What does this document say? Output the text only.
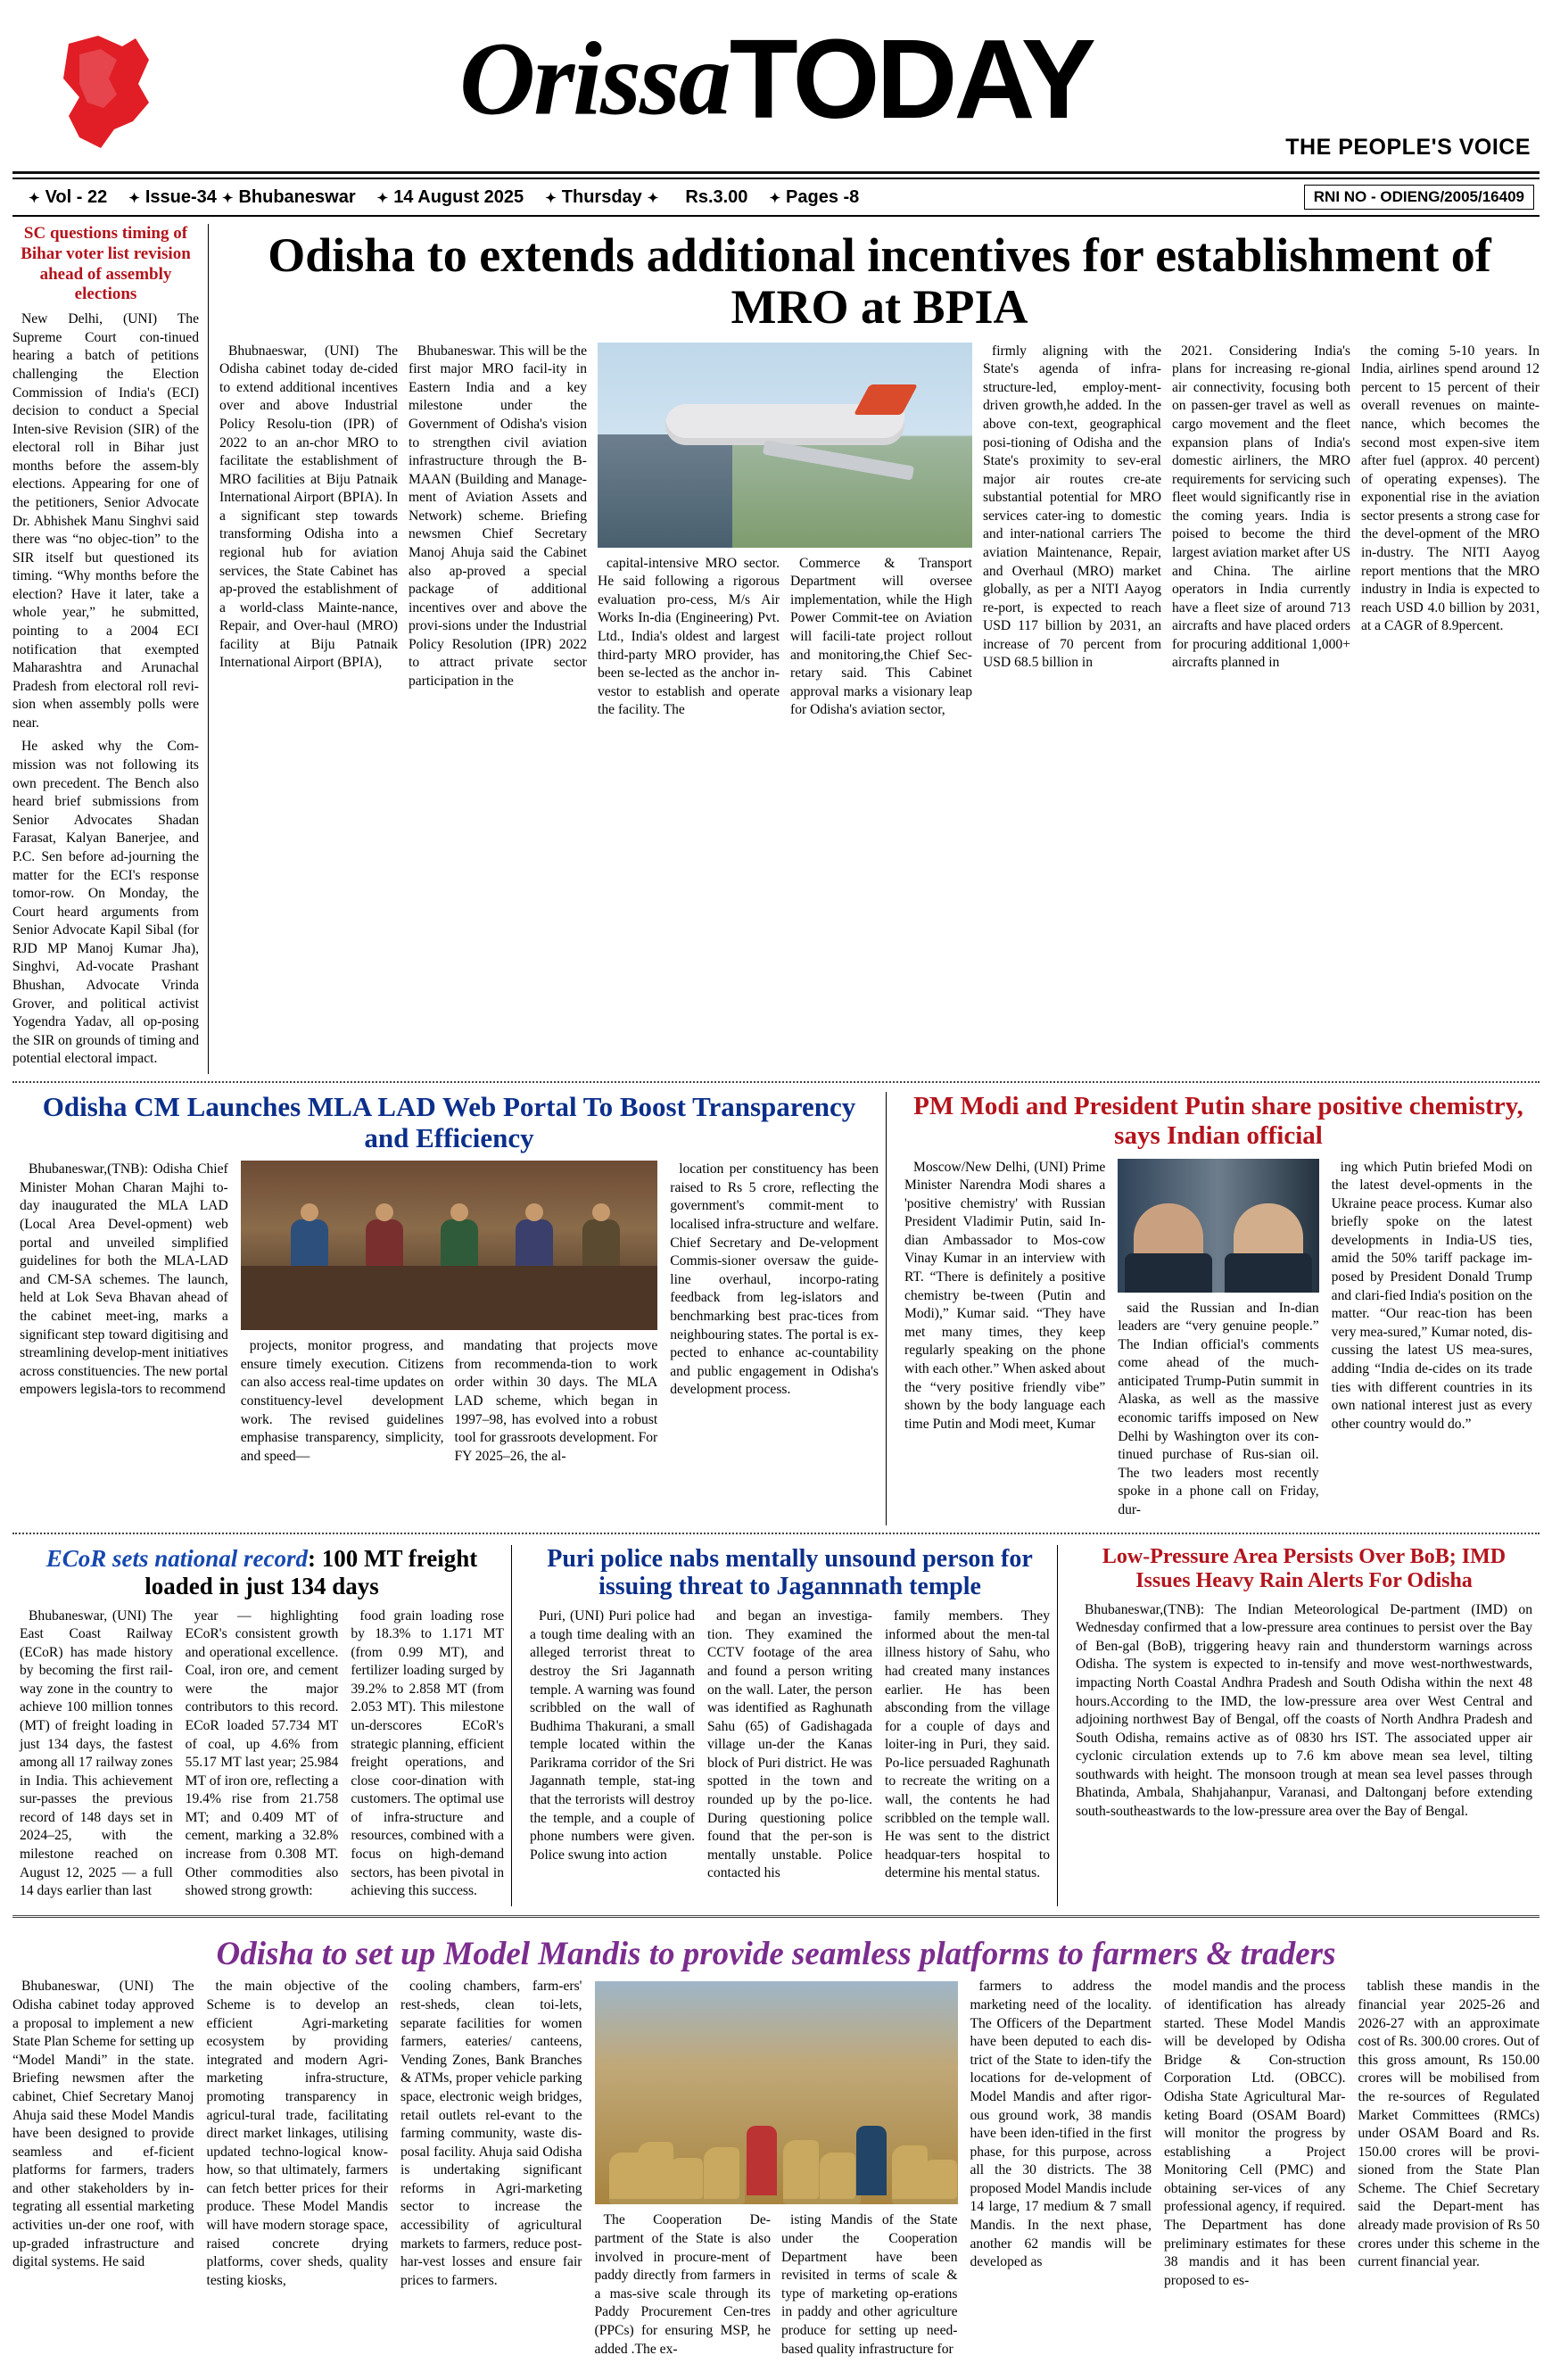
OrissaTODAY
THE PEOPLE'S VOICE
✦ Vol - 22	✦ Issue-34 ✦ Bhubaneswar	✦ 14 August 2025	✦ Thursday ✦	Rs.3.00	✦ Pages -8	RNI NO - ODIENG/2005/16409
SC questions timing of Bihar voter list revision ahead of assembly elections

New Delhi, (UNI) The Supreme Court con-tinued hearing a batch of petitions challenging the Election Commission of India's (ECI) decision to conduct a Special Inten-sive Revision (SIR) of the electoral roll in Bihar just months before the assem-bly elections. Appearing for one of the petitioners, Senior Advocate Dr. Abhishek Manu Singhvi said there was “no objec-tion” to the SIR itself but questioned its timing. “Why months before the election? Have it later, take a whole year,” he submitted, pointing to a 2004 ECI notification that exempted Maharashtra and Arunachal Pradesh from electoral roll revi-sion when assembly polls were near.

He asked why the Com-mission was not following its own precedent. The Bench also heard brief submissions from Senior Advocates Shadan Farasat, Kalyan Banerjee, and P.C. Sen before ad-journing the matter for the ECI's response tomor-row. On Monday, the Court heard arguments from Senior Advocate Kapil Sibal (for RJD MP Manoj Kumar Jha), Singhvi, Ad-vocate Prashant Bhushan, Advocate Vrinda Grover, and political activist Yogendra Yadav, all op-posing the SIR on grounds of timing and potential electoral impact.

Odisha to extends additional incentives for establishment of MRO at BPIA

Bhubnaeswar, (UNI) The Odisha cabinet today de-cided to extend additional incentives over and above Industrial Policy Resolu-tion (IPR) of 2022 to an an-chor MRO to facilitate the establishment of MRO facilities at Biju Patnaik International Airport (BPIA). In a significant step towards transforming Odisha into a regional hub for aviation services, the State Cabinet has ap-proved the establishment of a world-class Mainte-nance, Repair, and Over-haul (MRO) facility at Biju Patnaik International Airport (BPIA),

Bhubaneswar. This will be the first major MRO facil-ity in Eastern India and a key milestone under the Government of Odisha's vision to strengthen civil aviation infrastructure through the B-MAAN (Building and Manage-ment of Aviation Assets and Network) scheme. Briefing newsmen Chief Secretary Manoj Ahuja said the Cabinet also ap-proved a special package of additional incentives over and above the provi-sions under the Industrial Policy Resolution (IPR) 2022 to attract private sector participation in the

capital-intensive MRO sector. He said following a rigorous evaluation pro-cess, M/s Air Works In-dia (Engineering) Pvt. Ltd., India's oldest and largest third-party MRO provider, has been se-lected as the anchor in-vestor to establish and operate the facility. The

Commerce & Transport Department will oversee implementation, while the High Power Commit-tee on Aviation will facili-tate project rollout and monitoring,the Chief Sec-retary said. This Cabinet approval marks a visionary leap for Odisha's aviation sector,

firmly aligning with the State's agenda of infra-structure-led, employ-ment-driven growth,he added. In the above con-text, geographical posi-tioning of Odisha and the State's proximity to sev-eral major air routes cre-ate substantial potential for MRO services cater-ing to domestic and inter-national carriers The aviation Maintenance, Repair, and Overhaul (MRO) market globally, as per a NITI Aayog re-port, is expected to reach USD 117 billion by 2031, an increase of 70 percent from USD 68.5 billion in

2021. Considering India's plans for increasing re-gional air connectivity, focusing both on passen-ger travel as well as cargo movement and the fleet expansion plans of India's domestic airliners, the MRO requirements for servicing such fleet would significantly rise in the coming years. India is poised to become the third largest aviation market after US and China. The airline operators in India currently have a fleet size of around 713 aircrafts and have placed orders for procuring additional 1,000+ aircrafts planned in

the coming 5-10 years. In India, airlines spend around 12 percent to 15 percent of their overall revenues on mainte-nance, which becomes the second most expen-sive item after fuel (approx. 40 percent) of operating expenses). The exponential rise in the aviation sector presents a strong case for the devel-opment of the MRO in-dustry. The NITI Aayog report mentions that the MRO industry in India is expected to reach USD 4.0 billion by 2031, at a CAGR of 8.9percent.

Odisha CM Launches MLA LAD Web Portal To Boost Transparency and Efficiency

Bhubaneswar,(TNB): Odisha Chief Minister Mohan Charan Majhi to-day inaugurated the MLA LAD (Local Area Devel-opment) web portal and unveiled simplified guidelines for both the MLA-LAD and CM-SA schemes. The launch, held at Lok Seva Bhavan ahead of the cabinet meet-ing, marks a significant step toward digitising and streamlining develop-ment initiatives across constituencies. The new portal empowers legisla-tors to recommend

projects, monitor progress, and ensure timely execution. Citizens can also access real-time updates on constituency-level development work. The revised guidelines emphasise transparency, simplicity, and speed—

mandating that projects move from recommenda-tion to work order within 30 days. The MLA LAD scheme, which began in 1997–98, has evolved into a robust tool for grassroots development. For FY 2025–26, the al-

location per constituency has been raised to Rs 5 crore, reflecting the government's commit-ment to localised infra-structure and welfare. Chief Secretary and De-velopment Commis-sioner oversaw the guide-line overhaul, incorpo-rating feedback from leg-islators and benchmarking best prac-tices from neighbouring states. The portal is ex-pected to enhance ac-countability and public engagement in Odisha's development process.

PM Modi and President Putin share positive chemistry, says Indian official

Moscow/New Delhi, (UNI) Prime Minister Narendra Modi shares a 'positive chemistry' with Russian President Vladimir Putin, said In-dian Ambassador to Mos-cow Vinay Kumar in an interview with RT. “There is definitely a positive chemistry be-tween (Putin and Modi),” Kumar said. “They have met many times, they keep regularly speaking on the phone with each other.” When asked about the “very positive friendly vibe” shown by the body language each time Putin and Modi meet, Kumar

said the Russian and In-dian leaders are “very genuine people.” The Indian official's comments come ahead of the much-anticipated Trump-Putin summit in Alaska, as well as the massive economic tariffs imposed on New Delhi by Washington over its con-tinued purchase of Rus-sian oil. The two leaders most recently spoke in a phone call on Friday, dur-

ing which Putin briefed Modi on the latest devel-opments in the Ukraine peace process. Kumar also briefly spoke on the latest developments in India-US ties, amid the 50% tariff package im-posed by President Donald Trump and clari-fied India's position on the matter. “Our reac-tion has been very mea-sured,” Kumar noted, dis-cussing the latest US mea-sures, adding “India de-cides on its trade ties with different countries in its own national interest just as every other country would do.”

ECoR sets national record: 100 MT freight loaded in just 134 days

Bhubaneswar, (UNI) The East Coast Railway (ECoR) has made history by becoming the first rail-way zone in the country to achieve 100 million tonnes (MT) of freight loading in just 134 days, the fastest among all 17 railway zones in India. This achievement sur-passes the previous record of 148 days set in 2024–25, with the milestone reached on August 12, 2025 — a full 14 days earlier than last

year — highlighting ECoR's consistent growth and operational excellence. Coal, iron ore, and cement were the major contributors to this record. ECoR loaded 57.734 MT of coal, up 4.6% from 55.17 MT last year; 25.984 MT of iron ore, reflecting a 19.4% rise from 21.758 MT; and 0.409 MT of cement, marking a 32.8% increase from 0.308 MT. Other commodities also showed strong growth:

food grain loading rose by 18.3% to 1.171 MT (from 0.99 MT), and fertilizer loading surged by 39.2% to 2.858 MT (from 2.053 MT). This milestone un-derscores ECoR's strategic planning, efficient freight operations, and close coor-dination with customers. The optimal use of infra-structure and resources, combined with a focus on high-demand sectors, has been pivotal in achieving this success.

Puri police nabs mentally unsound person for issuing threat to Jagannnath temple

Puri, (UNI) Puri police had a tough time dealing with an alleged terrorist threat to destroy the Sri Jagannath temple. A warning was found scribbled on the wall of Budhima Thakurani, a small temple located within the Parikrama corridor of the Sri Jagannath temple, stat-ing that the terrorists will destroy the temple, and a couple of phone numbers were given. Police swung into action

and began an investiga-tion. They examined the CCTV footage of the area and found a person writing on the wall. Later, the person was identified as Raghunath Sahu (65) of Gadishagada village un-der the Kanas block of Puri district. He was spotted in the town and rounded up by the po-lice. During questioning police found that the per-son is mentally unstable. Police contacted his

family members. They informed about the men-tal illness history of Sahu, who had created many instances earlier. He has been absconding from the village for a couple of days and loiter-ing in Puri, they said. Po-lice persuaded Raghunath to recreate the writing on a wall, the contents he had scribbled on the temple wall. He was sent to the district headquar-ters hospital to determine his mental status.

Low-Pressure Area Persists Over BoB; IMD Issues Heavy Rain Alerts For Odisha

Bhubaneswar,(TNB): The Indian Meteorological De-partment (IMD) on Wednesday confirmed that a low-pressure area continues to persist over the Bay of Ben-gal (BoB), triggering heavy rain and thunderstorm warnings across Odisha. The system is expected to in-tensify and move west-northwestwards, impacting North Coastal Andhra Pradesh and South Odisha within the next 48 hours.According to the IMD, the low-pressure area over West Central and adjoining northwest Bay of Bengal, off the coasts of North Andhra Pradesh and South Odisha, remains active as of 0830 hrs IST. The associated upper air cyclonic circulation extends up to 7.6 km above mean sea level, tilting southwards with height. The monsoon trough at mean sea level passes through Bhatinda, Ambala, Shahjahanpur, Varanasi, and Daltonganj before extending south-southeastwards to the low-pressure area over the Bay of Bengal.

Odisha to set up Model Mandis to provide seamless platforms to farmers & traders

Bhubaneswar, (UNI) The Odisha cabinet today approved a proposal to implement a new State Plan Scheme for setting up “Model Mandi” in the state. Briefing newsmen after the cabinet, Chief Secretary Manoj Ahuja said these Model Mandis have been designed to provide seamless and ef-ficient platforms for farmers, traders and other stakeholders by in-tegrating all essential marketing activities un-der one roof, with up-graded infrastructure and digital systems. He said

the main objective of the Scheme is to develop an efficient Agri-marketing ecosystem by providing integrated and modern Agri-marketing infra-structure, promoting transparency in agricul-tural trade, facilitating direct market linkages, utilising updated techno-logical know-how, so that ultimately, farmers can fetch better prices for their produce. These Model Mandis will have modern storage space, raised concrete drying platforms, cover sheds, quality testing kiosks,

cooling chambers, farm-ers' rest-sheds, clean toi-lets, separate facilities for women farmers, eateries/ canteens, Vending Zones, Bank Branches & ATMs, proper vehicle parking space, electronic weigh bridges, retail outlets rel-evant to the farming community, waste dis-posal facility. Ahuja said Odisha is undertaking significant reforms in Agri-marketing sector to increase the accessibility of agricultural markets to farmers, reduce post-har-vest losses and ensure fair prices to farmers.

The Cooperation De-partment of the State is also involved in procure-ment of paddy directly from farmers in a mas-sive scale through its Paddy Procurement Cen-tres (PPCs) for ensuring MSP, he added .The ex-

isting Mandis of the State under the Cooperation Department have been revisited in terms of scale & type of marketing op-erations in paddy and other agriculture produce for setting up need-based quality infrastructure for

farmers to address the marketing need of the locality. The Officers of the Department have been deputed to each dis-trict of the State to iden-tify the locations for de-velopment of Model Mandis and after rigor-ous ground work, 38 mandis have been iden-tified in the first phase, for this purpose, across all the 30 districts. The 38 proposed Model Mandis include 14 large, 17 medium & 7 small Mandis. In the next phase, another 62 mandis will be developed as

model mandis and the process of identification has already started. These Model Mandis will be developed by Odisha Bridge & Con-struction Corporation Ltd. (OBCC). Odisha State Agricultural Mar-keting Board (OSAM Board) will monitor the progress by establishing a Project Monitoring Cell (PMC) and obtaining ser-vices of any professional agency, if required. The Department has done preliminary estimates for these 38 mandis and it has been proposed to es-

tablish these mandis in the financial year 2025-26 and 2026-27 with an approximate cost of Rs. 300.00 crores. Out of this gross amount, Rs 150.00 crores will be mobilised from the re-sources of Regulated Market Committees (RMCs) under OSAM Board and Rs. 150.00 crores will be provi-sioned from the State Plan Scheme. The Chief Secretary said the Depart-ment has already made provision of Rs 50 crores under this scheme in the current financial year.
